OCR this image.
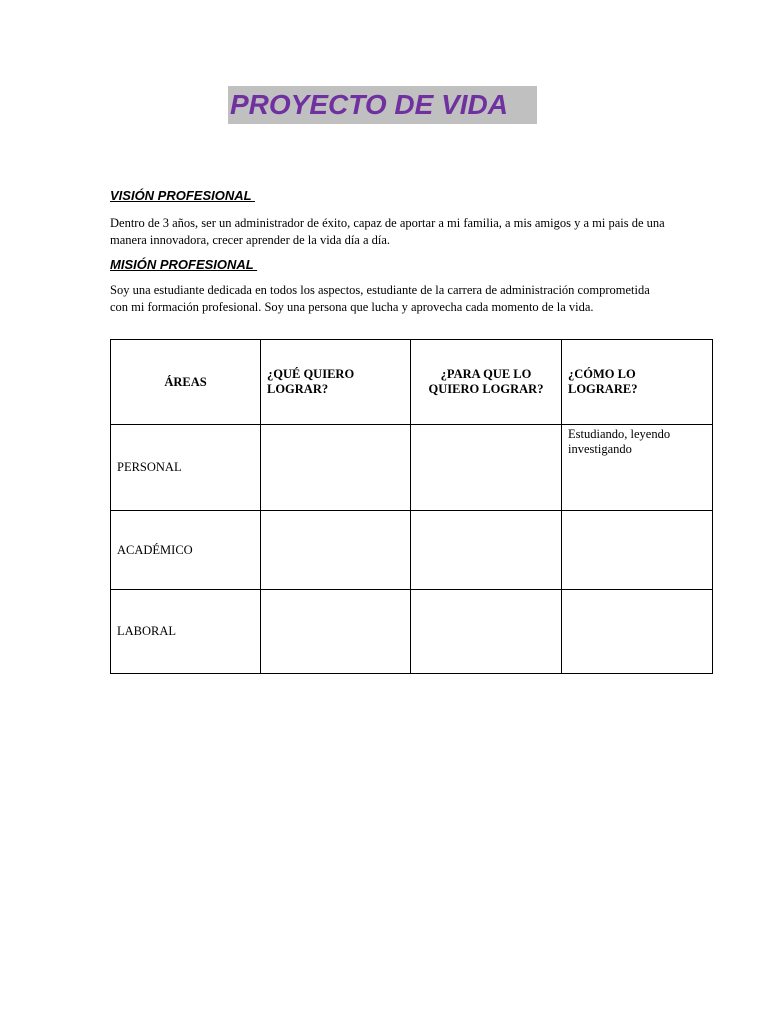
PROYECTO DE VIDA
VISIÓN PROFESIONAL
Dentro de 3 años, ser un administrador de éxito, capaz de aportar a mi familia, a mis amigos y a mi pais de una manera innovadora, crecer aprender de la vida día a día.
MISIÓN PROFESIONAL
Soy una estudiante dedicada en todos los aspectos, estudiante de la carrera de administración comprometida con mi formación profesional. Soy una persona que lucha y aprovecha cada momento de la vida.
ÁREAS	¿QUÉ QUIERO LOGRAR?	¿PARA QUE LO QUIERO LOGRAR?	¿CÓMO LO LOGRARE?
PERSONAL			Estudiando, leyendo investigando
ACADÉMICO			
LABORAL			
